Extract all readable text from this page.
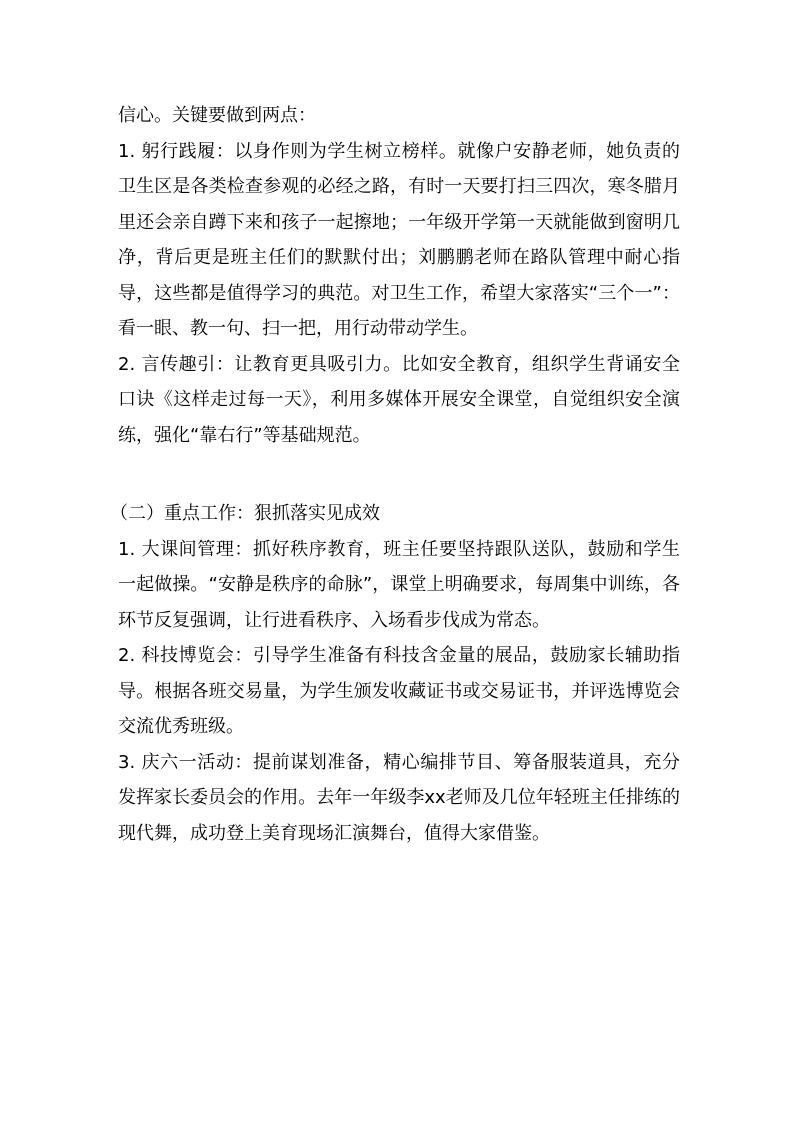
信心。关键要做到两点：

1. 躬行践履：以身作则为学生树立榜样。就像户安静老师，她负责的卫生区是各类检查参观的必经之路，有时一天要打扫三四次，寒冬腊月里还会亲自蹲下来和孩子一起擦地；一年级开学第一天就能做到窗明几净，背后更是班主任们的默默付出；刘鹏鹏老师在路队管理中耐心指导，这些都是值得学习的典范。对卫生工作，希望大家落实“三个一”：看一眼、教一句、扫一把，用行动带动学生。

2. 言传趣引：让教育更具吸引力。比如安全教育，组织学生背诵安全口诀《这样走过每一天》，利用多媒体开展安全课堂，自觉组织安全演练，强化“靠右行”等基础规范。

（二）重点工作：狠抓落实见成效

1. 大课间管理：抓好秩序教育，班主任要坚持跟队送队，鼓励和学生一起做操。“安静是秩序的命脉”，课堂上明确要求，每周集中训练，各环节反复强调，让行进看秩序、入场看步伐成为常态。

2. 科技博览会：引导学生准备有科技含金量的展品，鼓励家长辅助指导。根据各班交易量，为学生颁发收藏证书或交易证书，并评选博览会交流优秀班级。

3. 庆六一活动：提前谋划准备，精心编排节目、筹备服装道具，充分发挥家长委员会的作用。去年一年级李xx老师及几位年轻班主任排练的现代舞，成功登上美育现场汇演舞台，值得大家借鉴。
